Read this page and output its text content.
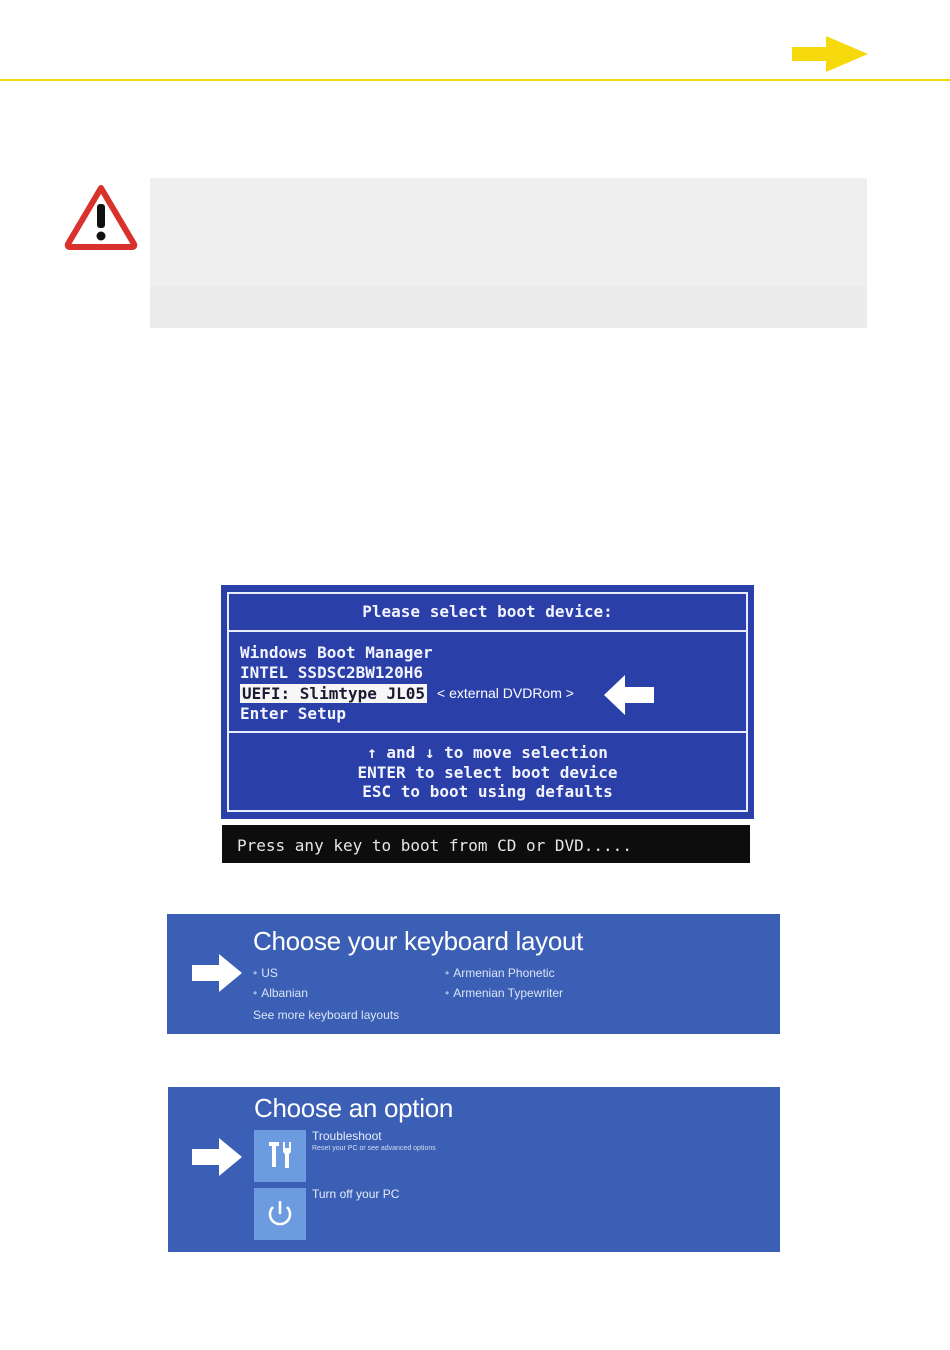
Please select boot device:
Windows Boot Manager
INTEL SSDSC2BW120H6
UEFI: Slimtype JL05
Enter Setup
< external DVDRom >
↑ and ↓ to move selection
ENTER to select boot device
ESC to boot using defaults
Press any key to boot from CD or DVD.....
Choose your keyboard layout
• US
• Albanian
• Armenian Phonetic
• Armenian Typewriter
See more keyboard layouts
Choose an option
Troubleshoot
Reset your PC or see advanced options
Turn off your PC
